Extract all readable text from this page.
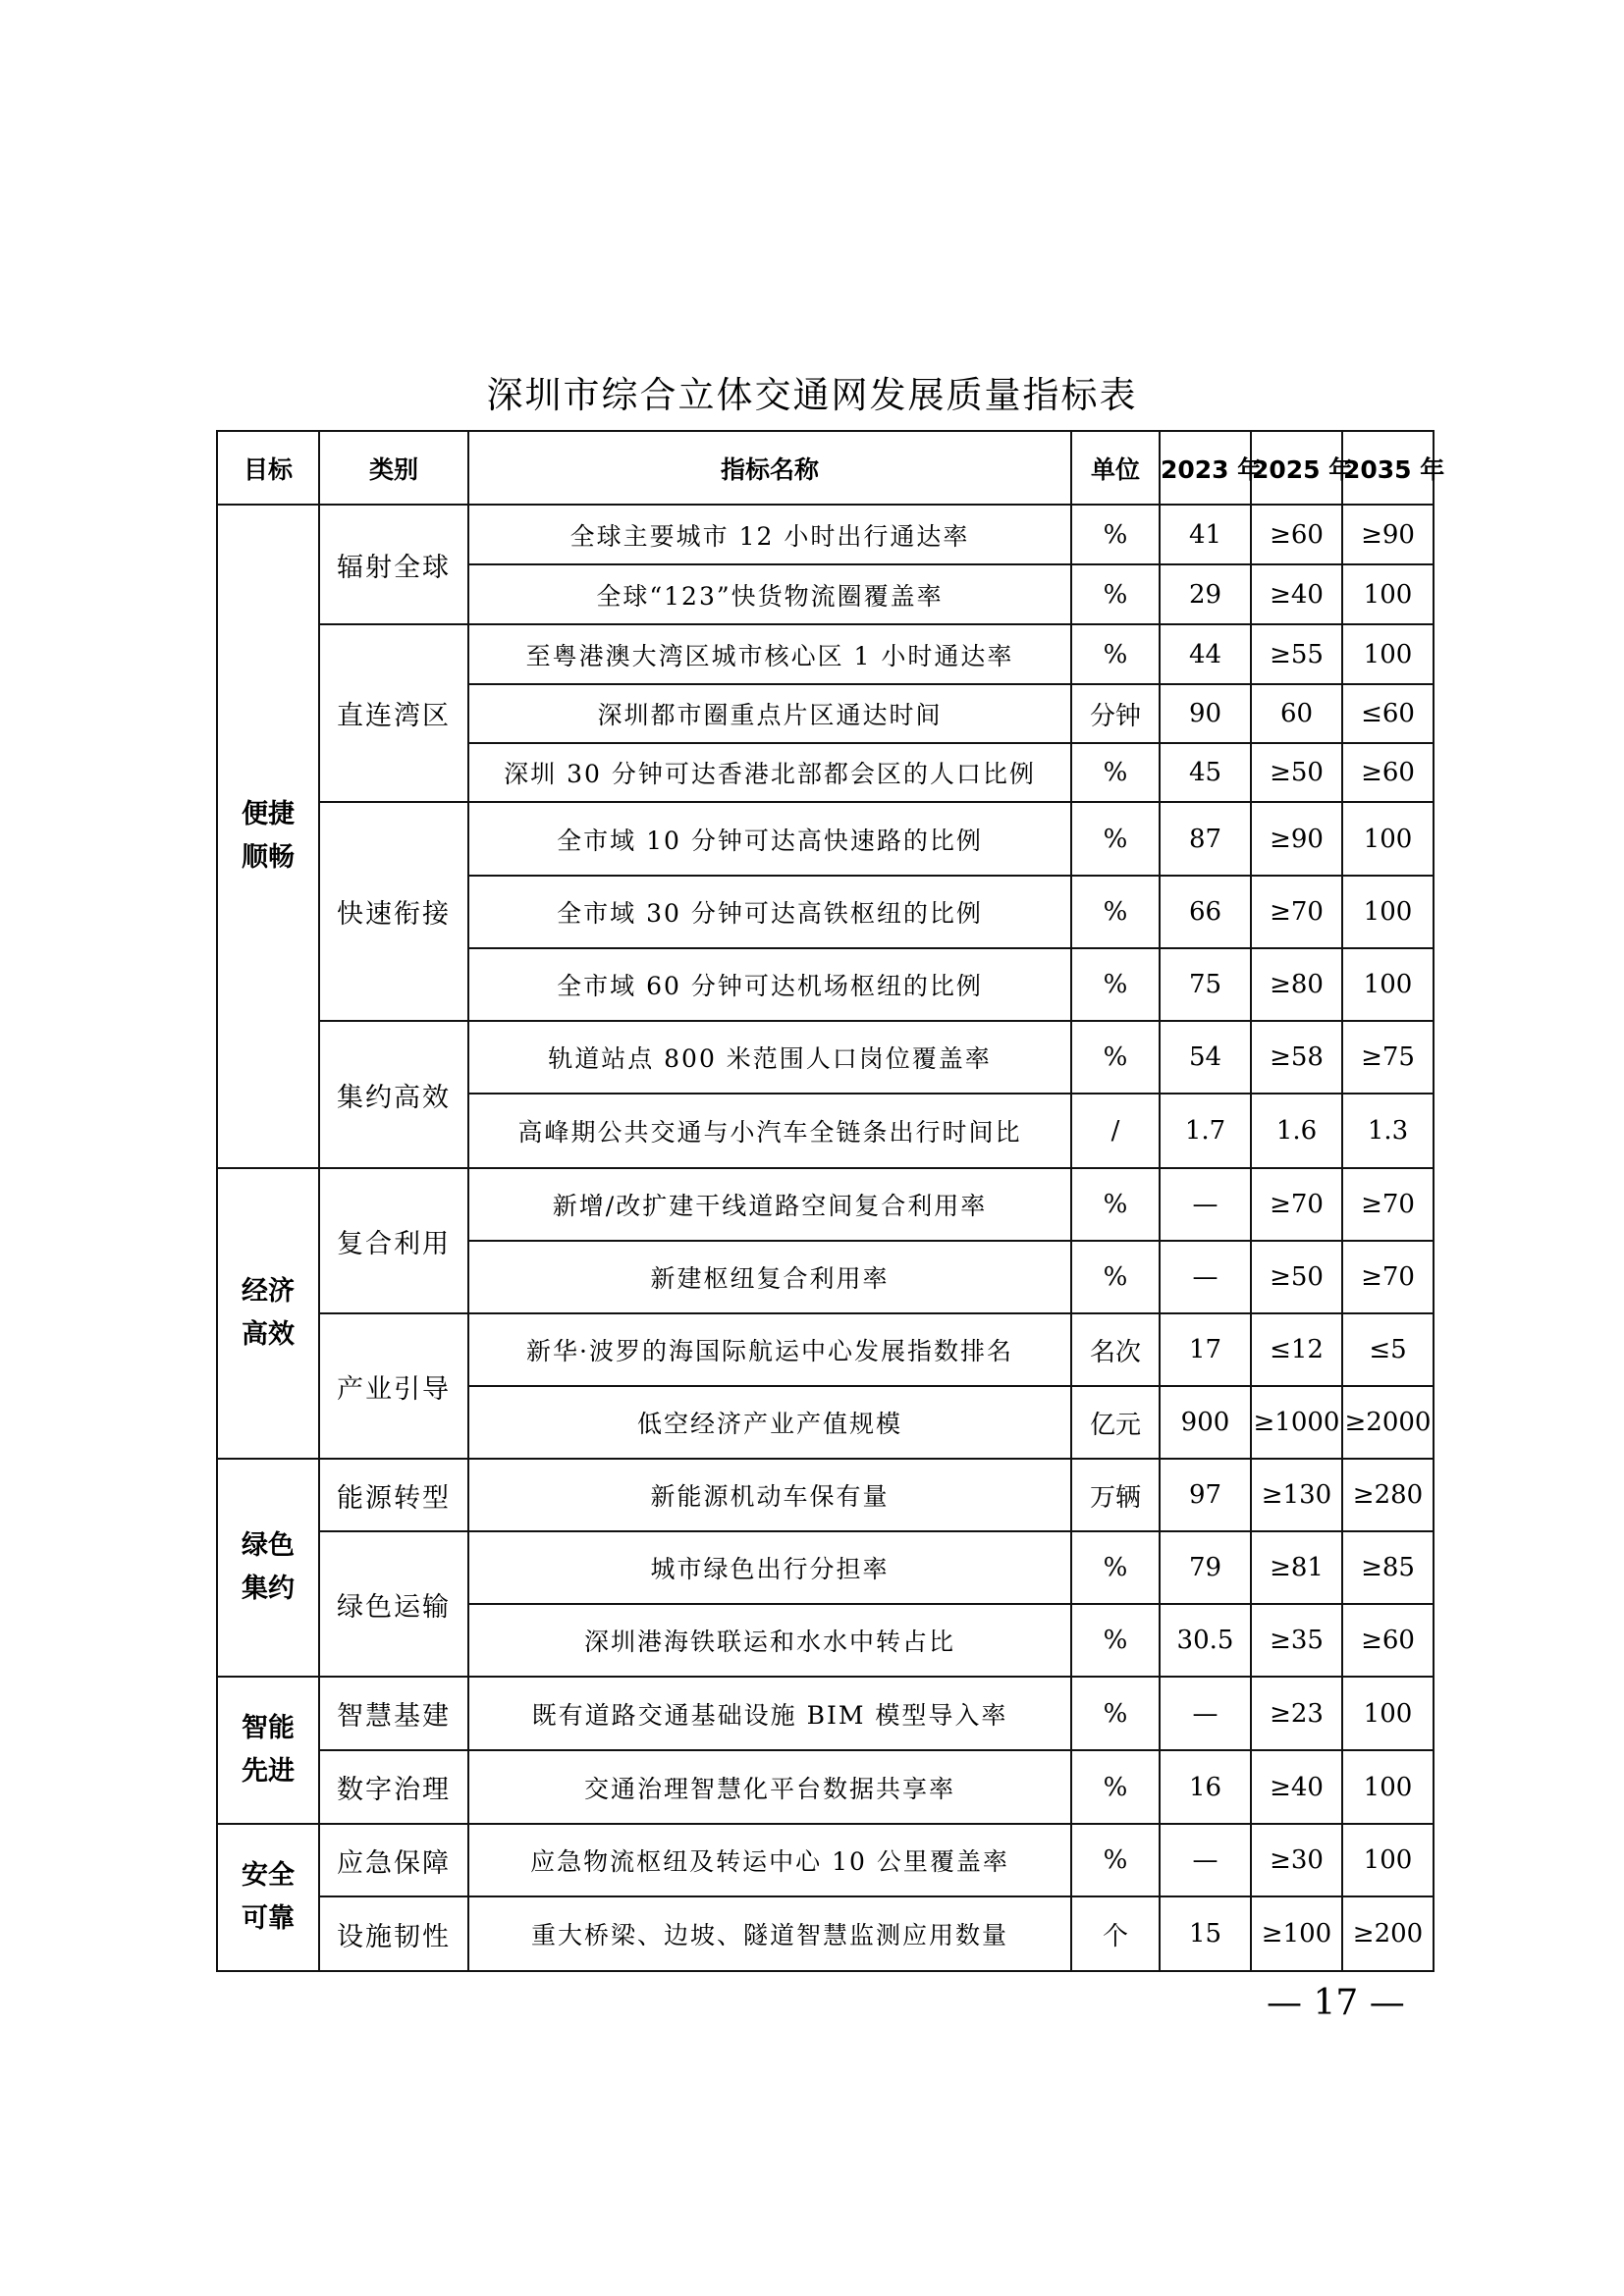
深圳市综合立体交通网发展质量指标表
目标	类别	指标名称	单位	2023 年	2025 年	2035 年
便捷顺畅	辐射全球	全球主要城市 12 小时出行通达率	%	41	≥60	≥90
		全球“123”快货物流圈覆盖率	%	29	≥40	100
	直连湾区	至粤港澳大湾区城市核心区 1 小时通达率	%	44	≥55	100
		深圳都市圈重点片区通达时间	分钟	90	60	≤60
		深圳 30 分钟可达香港北部都会区的人口比例	%	45	≥50	≥60
	快速衔接	全市域 10 分钟可达高快速路的比例	%	87	≥90	100
		全市域 30 分钟可达高铁枢纽的比例	%	66	≥70	100
		全市域 60 分钟可达机场枢纽的比例	%	75	≥80	100
	集约高效	轨道站点 800 米范围人口岗位覆盖率	%	54	≥58	≥75
		高峰期公共交通与小汽车全链条出行时间比	/	1.7	1.6	1.3
经济高效	复合利用	新增/改扩建干线道路空间复合利用率	%	—	≥70	≥70
		新建枢纽复合利用率	%	—	≥50	≥70
	产业引导	新华·波罗的海国际航运中心发展指数排名	名次	17	≤12	≤5
		低空经济产业产值规模	亿元	900	≥1000	≥2000
绿色集约	能源转型	新能源机动车保有量	万辆	97	≥130	≥280
	绿色运输	城市绿色出行分担率	%	79	≥81	≥85
		深圳港海铁联运和水水中转占比	%	30.5	≥35	≥60
智能先进	智慧基建	既有道路交通基础设施 BIM 模型导入率	%	—	≥23	100
	数字治理	交通治理智慧化平台数据共享率	%	16	≥40	100
安全可靠	应急保障	应急物流枢纽及转运中心 10 公里覆盖率	%	—	≥30	100
	设施韧性	重大桥梁、边坡、隧道智慧监测应用数量	个	15	≥100	≥200
— 17 —
